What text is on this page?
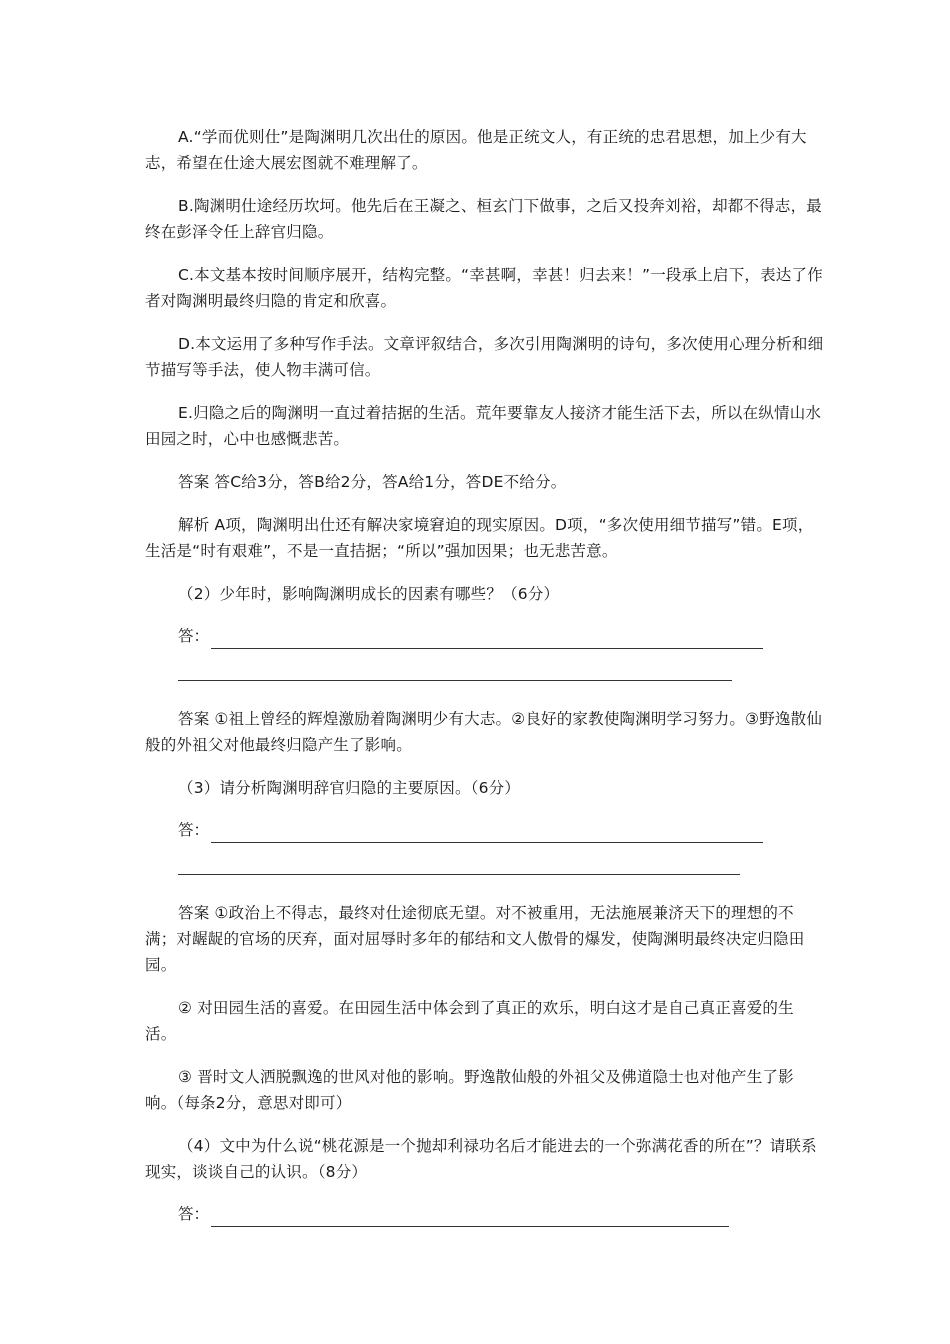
A.“学而优则仕”是陶渊明几次出仕的原因。他是正统文人，有正统的忠君思想，加上少有大志，希望在仕途大展宏图就不难理解了。

B.陶渊明仕途经历坎坷。他先后在王凝之、桓玄门下做事，之后又投奔刘裕，却都不得志，最终在彭泽令任上辞官归隐。

C.本文基本按时间顺序展开，结构完整。“幸甚啊，幸甚！归去来！”一段承上启下，表达了作者对陶渊明最终归隐的肯定和欣喜。

D.本文运用了多种写作手法。文章评叙结合，多次引用陶渊明的诗句，多次使用心理分析和细节描写等手法，使人物丰满可信。

E.归隐之后的陶渊明一直过着拮据的生活。荒年要靠友人接济才能生活下去，所以在纵情山水田园之时，心中也感慨悲苦。

答案 答C给3分，答B给2分，答A给1分，答DE不给分。

解析 A项，陶渊明出仕还有解决家境窘迫的现实原因。D项，“多次使用细节描写”错。E项，生活是“时有艰难”，不是一直拮据；“所以”强加因果；也无悲苦意。

（2）少年时，影响陶渊明成长的因素有哪些？（6分）

答：

答案 ①祖上曾经的辉煌激励着陶渊明少有大志。②良好的家教使陶渊明学习努力。③野逸散仙般的外祖父对他最终归隐产生了影响。

（3）请分析陶渊明辞官归隐的主要原因。（6分）

答：

答案 ①政治上不得志，最终对仕途彻底无望。对不被重用，无法施展兼济天下的理想的不满；对龌龊的官场的厌弃，面对屈辱时多年的郁结和文人傲骨的爆发，使陶渊明最终决定归隐田园。

② 对田园生活的喜爱。在田园生活中体会到了真正的欢乐，明白这才是自己真正喜爱的生活。

③ 晋时文人洒脱飘逸的世风对他的影响。野逸散仙般的外祖父及佛道隐士也对他产生了影响。（每条2分，意思对即可）

（4）文中为什么说“桃花源是一个抛却利禄功名后才能进去的一个弥满花香的所在”？请联系现实，谈谈自己的认识。（8分）

答：
